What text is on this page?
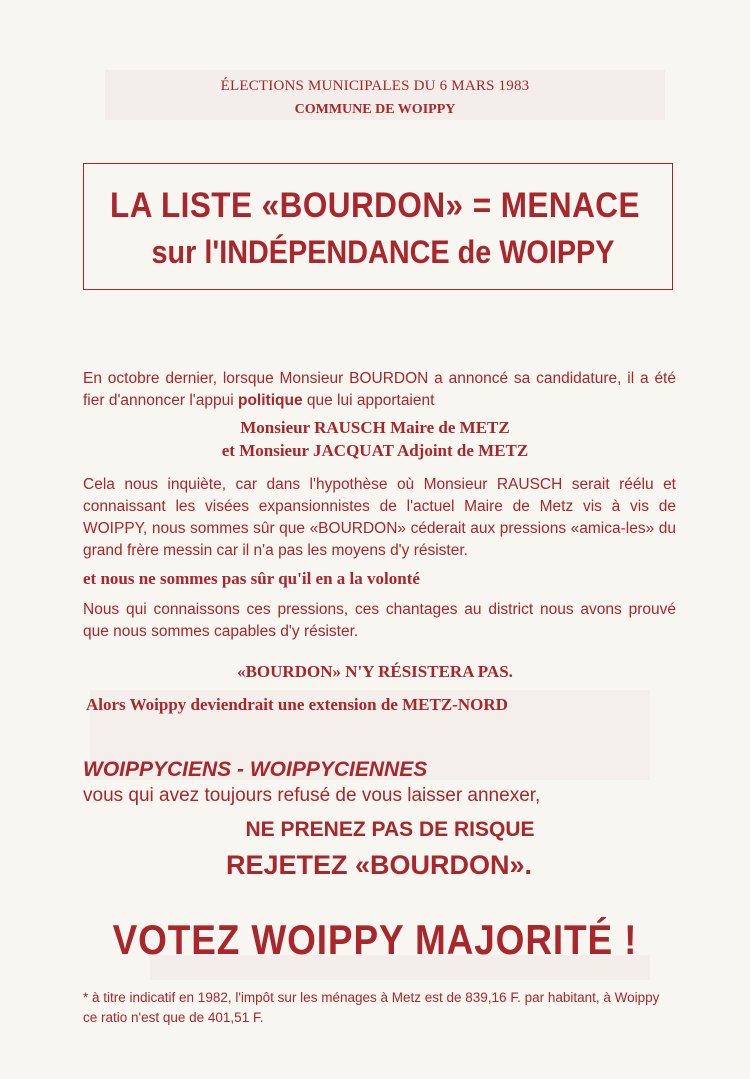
ÉLECTIONS MUNICIPALES DU 6 MARS 1983
COMMUNE DE WOIPPY
LA LISTE «BOURDON» = MENACE
sur l'INDÉPENDANCE de WOIPPY
En octobre dernier, lorsque Monsieur BOURDON a annoncé sa candidature, il a été fier d'annoncer l'appui politique que lui apportaient
Monsieur RAUSCH Maire de METZ
et Monsieur JACQUAT Adjoint de METZ
Cela nous inquiète, car dans l'hypothèse où Monsieur RAUSCH serait réélu et connaissant les visées expansionnistes de l'actuel Maire de Metz vis à vis de WOIPPY, nous sommes sûr que «BOURDON» céderait aux pressions «amica-les» du grand frère messin car il n'a pas les moyens d'y résister.
et nous ne sommes pas sûr qu'il en a la volonté
Nous qui connaissons ces pressions, ces chantages au district nous avons prouvé que nous sommes capables d'y résister.
«BOURDON» N'Y RÉSISTERA PAS.
Alors Woippy deviendrait une extension de METZ-NORD
WOIPPYCIENS - WOIPPYCIENNES
vous qui avez toujours refusé de vous laisser annexer,
NE PRENEZ PAS DE RISQUE
REJETEZ «BOURDON».
VOTEZ WOIPPY MAJORITÉ !
* à titre indicatif en 1982, l'impôt sur les ménages à Metz est de 839,16 F. par habitant, à Woippy ce ratio n'est que de 401,51 F.
